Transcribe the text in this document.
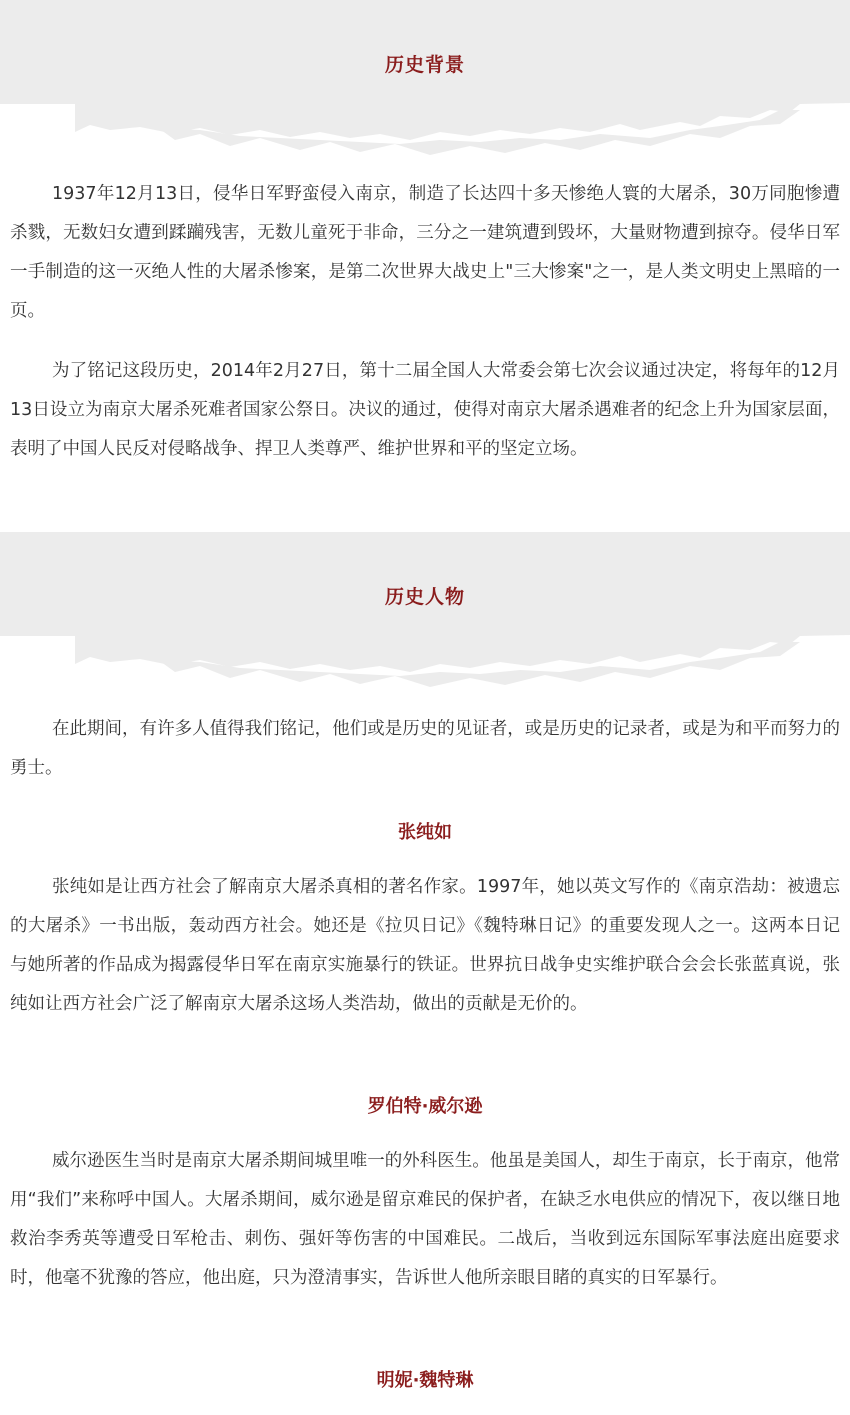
历史背景

1937年12月13日，侵华日军野蛮侵入南京，制造了长达四十多天惨绝人寰的大屠杀，30万同胞惨遭杀戮，无数妇女遭到蹂躏残害，无数儿童死于非命，三分之一建筑遭到毁坏，大量财物遭到掠夺。侵华日军一手制造的这一灭绝人性的大屠杀惨案，是第二次世界大战史上"三大惨案"之一，是人类文明史上黑暗的一页。

为了铭记这段历史，2014年2月27日，第十二届全国人大常委会第七次会议通过决定，将每年的12月13日设立为南京大屠杀死难者国家公祭日。决议的通过，使得对南京大屠杀遇难者的纪念上升为国家层面，表明了中国人民反对侵略战争、捍卫人类尊严、维护世界和平的坚定立场。

历史人物

在此期间，有许多人值得我们铭记，他们或是历史的见证者，或是历史的记录者，或是为和平而努力的勇士。

张纯如

张纯如是让西方社会了解南京大屠杀真相的著名作家。1997年，她以英文写作的《南京浩劫：被遗忘的大屠杀》一书出版，轰动西方社会。她还是《拉贝日记》《魏特琳日记》的重要发现人之一。这两本日记与她所著的作品成为揭露侵华日军在南京实施暴行的铁证。世界抗日战争史实维护联合会会长张蓝真说，张纯如让西方社会广泛了解南京大屠杀这场人类浩劫，做出的贡献是无价的。

罗伯特·威尔逊

威尔逊医生当时是南京大屠杀期间城里唯一的外科医生。他虽是美国人，却生于南京，长于南京，他常用“我们”来称呼中国人。大屠杀期间，威尔逊是留京难民的保护者，在缺乏水电供应的情况下，夜以继日地救治李秀英等遭受日军枪击、刺伤、强奸等伤害的中国难民。二战后，当收到远东国际军事法庭出庭要求时，他毫不犹豫的答应，他出庭，只为澄清事实，告诉世人他所亲眼目睹的真实的日军暴行。

明妮·魏特琳
